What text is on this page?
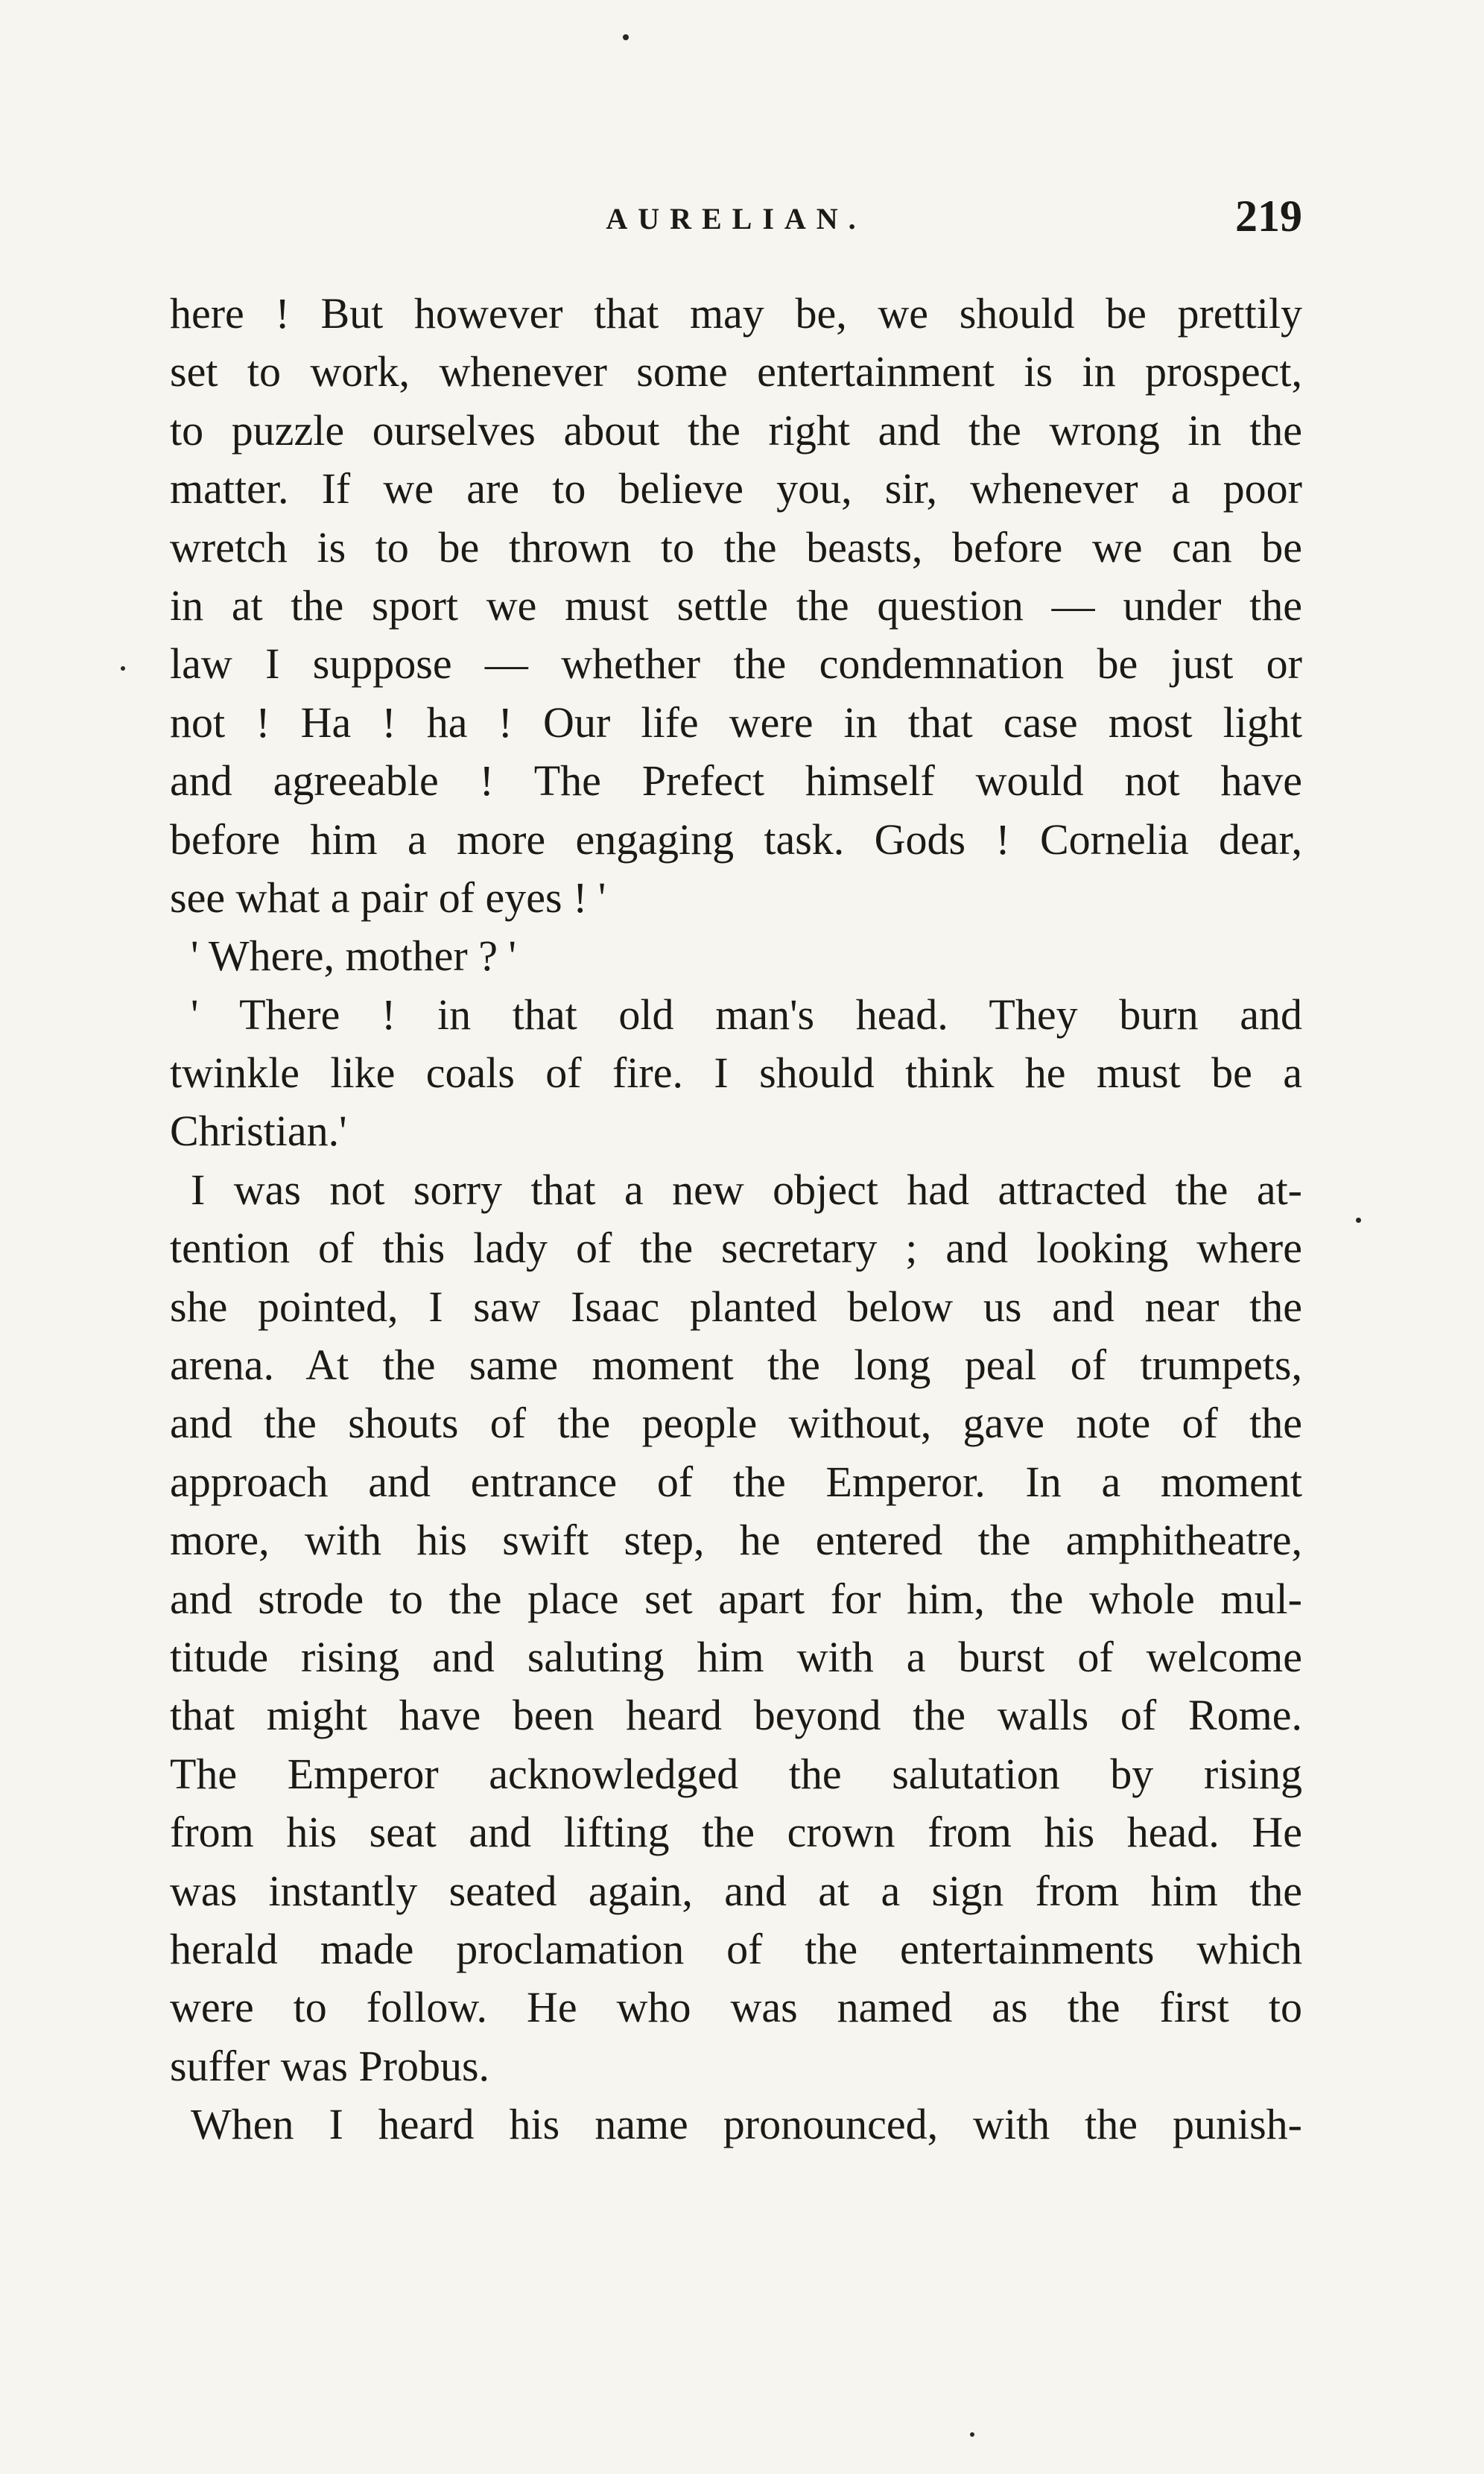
AURELIAN.	219
here ! But however that may be, we should be prettily
set to work, whenever some entertainment is in prospect,
to puzzle ourselves about the right and the wrong in the
matter. If we are to believe you, sir, whenever a poor
wretch is to be thrown to the beasts, before we can be
in at the sport we must settle the question — under the
law I suppose — whether the condemnation be just or
not ! Ha ! ha ! Our life were in that case most light
and agreeable ! The Prefect himself would not have
before him a more engaging task. Gods ! Cornelia dear,
see what a pair of eyes ! '
' Where, mother ? '
' There ! in that old man's head. They burn and
twinkle like coals of fire. I should think he must be a
Christian.'
I was not sorry that a new object had attracted the at-
tention of this lady of the secretary ; and looking where
she pointed, I saw Isaac planted below us and near the
arena. At the same moment the long peal of trumpets,
and the shouts of the people without, gave note of the
approach and entrance of the Emperor. In a moment
more, with his swift step, he entered the amphitheatre,
and strode to the place set apart for him, the whole mul-
titude rising and saluting him with a burst of welcome
that might have been heard beyond the walls of Rome.
The Emperor acknowledged the salutation by rising
from his seat and lifting the crown from his head. He
was instantly seated again, and at a sign from him the
herald made proclamation of the entertainments which
were to follow. He who was named as the first to
suffer was Probus.
When I heard his name pronounced, with the punish-
